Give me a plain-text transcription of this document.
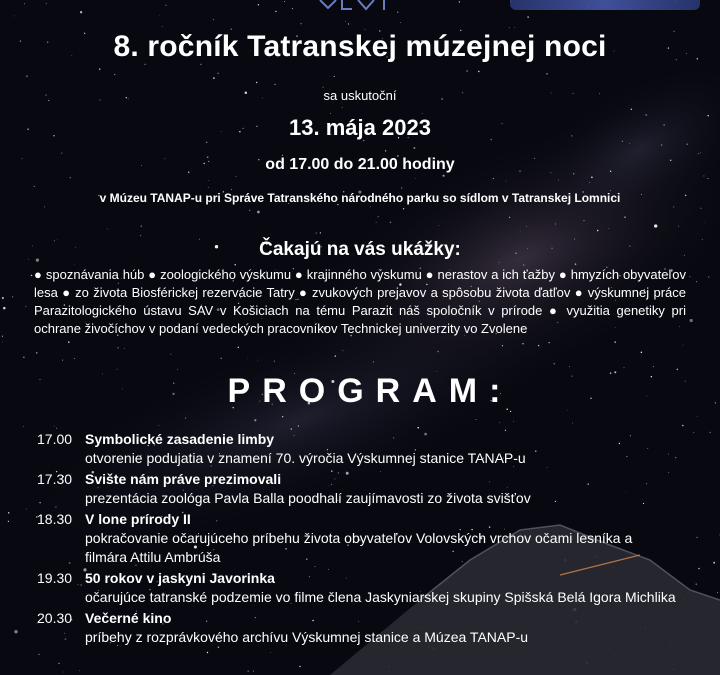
8. ročník Tatranskej múzejnej noci
sa uskutoční
13. mája 2023
od 17.00 do 21.00 hodiny
v Múzeu TANAP-u pri Správe Tatranského národného parku so sídlom v Tatranskej Lomnici
Čakajú na vás ukážky:
● spoznávania húb ● zoologického výskumu ● krajinného výskumu ● nerastov a ich ťažby ● hmyzích obyvateľov lesa ● zo života Biosférickej rezervácie Tatry ● zvukových prejavov a spôsobu života ďatľov ● výskumnej práce Parazitologického ústavu SAV v Košiciach na tému Parazit náš spoločník v prírode ● využitia genetiky pri ochrane živočíchov v podaní vedeckých pracovníkov Technickej univerzity vo Zvolene
PROGRAM:
17.00 Symbolické zasadenie limby
otvorenie podujatia v znamení 70. výročia Výskumnej stanice TANAP-u
17.30 Svište nám práve prezimovali
prezentácia zoológa Pavla Balla poodhalí zaujímavosti zo života svišťov
18.30 V lone prírody II
pokračovanie očarujúceho príbehu života obyvateľov Volovských vrchov očami lesníka a filmára Attilu Ambrúša
19.30 50 rokov v jaskyni Javorinka
očarujúce tatranské podzemie vo filme člena Jaskyniarskej skupiny Spišská Belá Igora Michlika
20.30 Večerné kino
príbehy z rozprávkového archívu Výskumnej stanice a Múzea TANAP-u
